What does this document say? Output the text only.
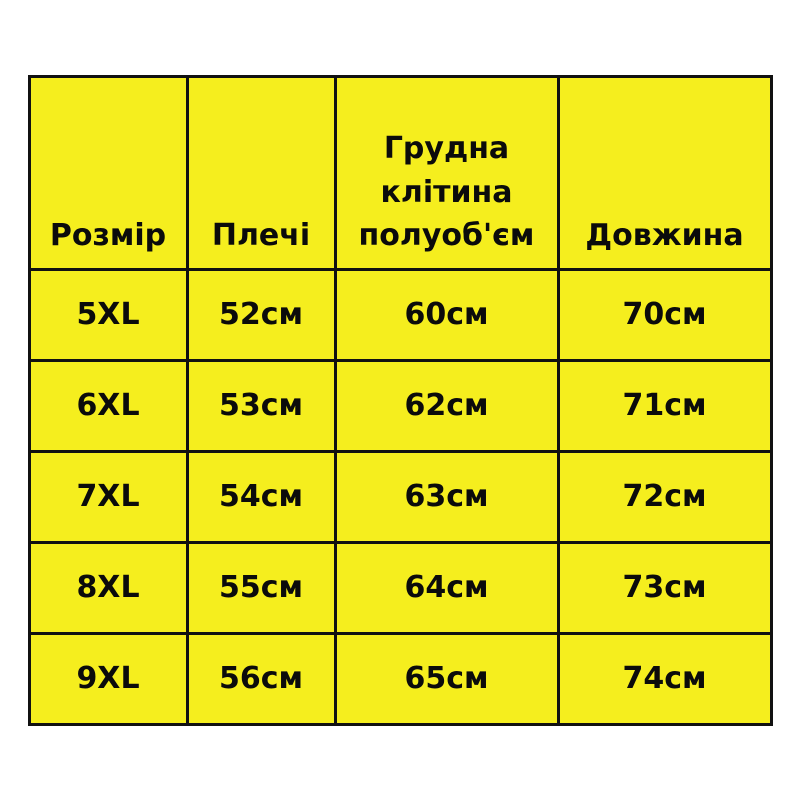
Розмір	Плечі	Грудна клітина полуоб'єм	Довжина

5XL	52см	60см	70см
6XL	53см	62см	71см
7XL	54см	63см	72см
8XL	55см	64см	73см
9XL	56см	65см	74см
